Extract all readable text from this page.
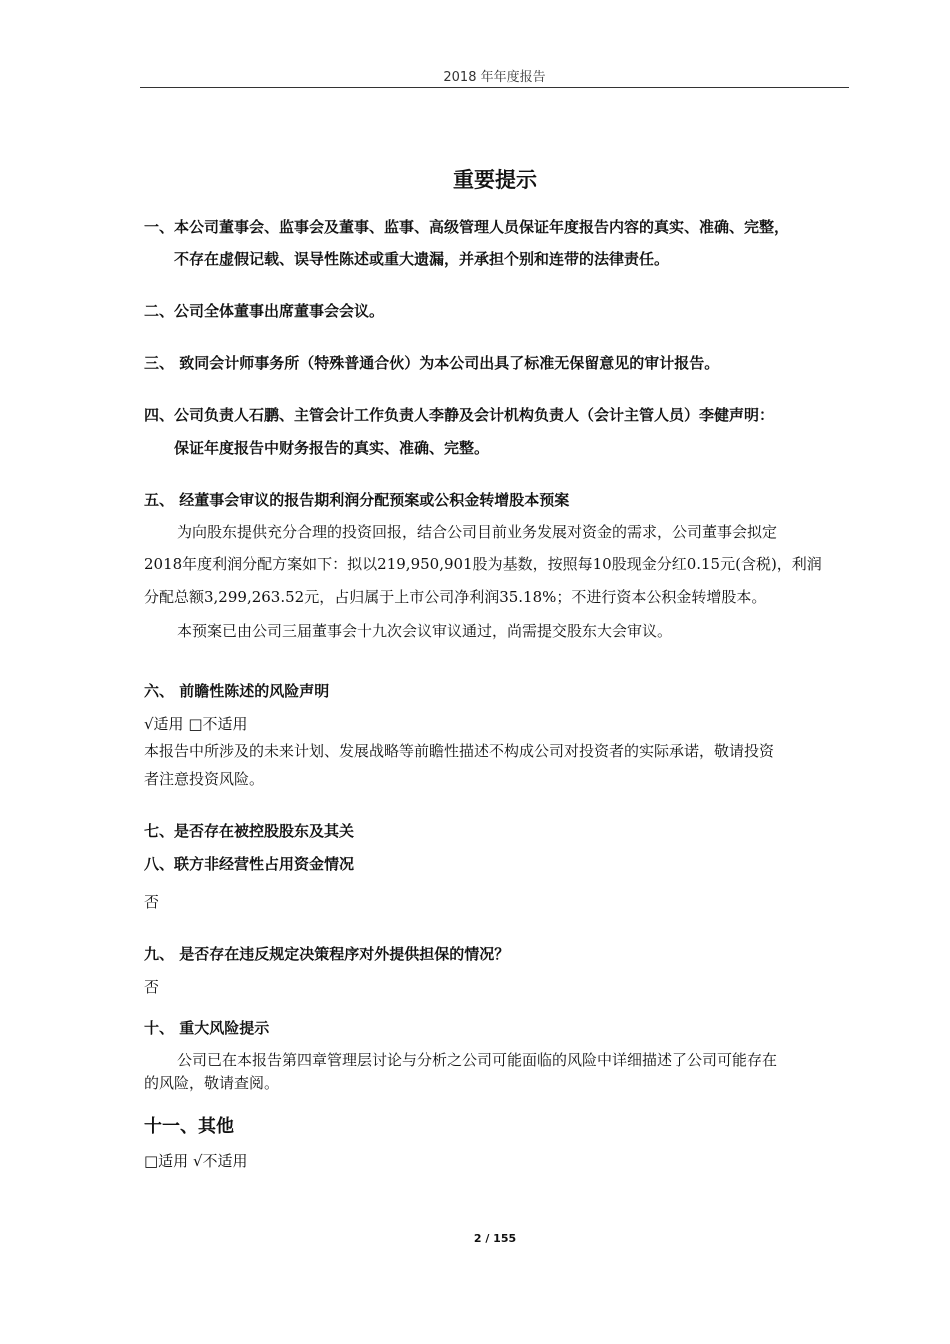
2018 年年度报告
重要提示
一、本公司董事会、监事会及董事、监事、高级管理人员保证年度报告内容的真实、准确、完整，
不存在虚假记载、误导性陈述或重大遗漏，并承担个别和连带的法律责任。
二、公司全体董事出席董事会会议。
三、 致同会计师事务所（特殊普通合伙）为本公司出具了标准无保留意见的审计报告。
四、公司负责人石鹏、主管会计工作负责人李静及会计机构负责人（会计主管人员）李健声明：
保证年度报告中财务报告的真实、准确、完整。
五、 经董事会审议的报告期利润分配预案或公积金转增股本预案
为向股东提供充分合理的投资回报，结合公司目前业务发展对资金的需求，公司董事会拟定
2018年度利润分配方案如下：拟以219,950,901股为基数，按照每10股现金分红0.15元(含税)，利润
分配总额3,299,263.52元，占归属于上市公司净利润35.18%；不进行资本公积金转增股本。
本预案已由公司三届董事会十九次会议审议通过，尚需提交股东大会审议。
六、 前瞻性陈述的风险声明
√适用 □不适用
本报告中所涉及的未来计划、发展战略等前瞻性描述不构成公司对投资者的实际承诺，敬请投资
者注意投资风险。
七、是否存在被控股股东及其关
八、联方非经营性占用资金情况
否
九、 是否存在违反规定决策程序对外提供担保的情况？
否
十、 重大风险提示
公司已在本报告第四章管理层讨论与分析之公司可能面临的风险中详细描述了公司可能存在
的风险，敬请查阅。
十一、其他
□适用 √不适用
2 / 155
